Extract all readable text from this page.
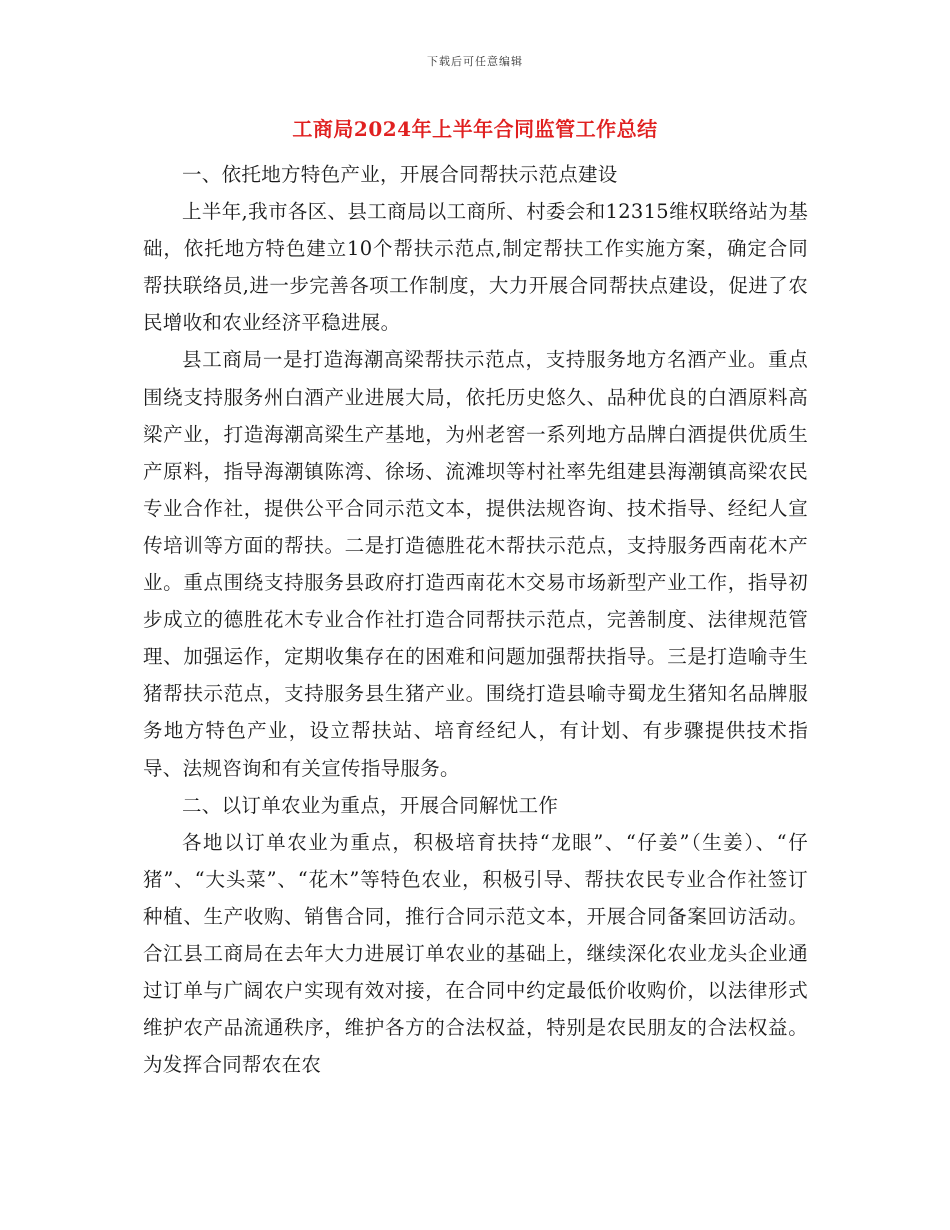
下载后可任意编辑
工商局2024年上半年合同监管工作总结

一、依托地方特色产业，开展合同帮扶示范点建设

上半年,我市各区、县工商局以工商所、村委会和12315维权联络站为基础，依托地方特色建立10个帮扶示范点,制定帮扶工作实施方案，确定合同帮扶联络员,进一步完善各项工作制度，大力开展合同帮扶点建设，促进了农民增收和农业经济平稳进展。

县工商局一是打造海潮高梁帮扶示范点，支持服务地方名酒产业。重点围绕支持服务州白酒产业进展大局，依托历史悠久、品种优良的白酒原料高梁产业，打造海潮高梁生产基地，为州老窖一系列地方品牌白酒提供优质生产原料，指导海潮镇陈湾、徐场、流滩坝等村社率先组建县海潮镇高梁农民专业合作社，提供公平合同示范文本，提供法规咨询、技术指导、经纪人宣传培训等方面的帮扶。二是打造德胜花木帮扶示范点，支持服务西南花木产业。重点围绕支持服务县政府打造西南花木交易市场新型产业工作，指导初步成立的德胜花木专业合作社打造合同帮扶示范点，完善制度、法律规范管理、加强运作，定期收集存在的困难和问题加强帮扶指导。三是打造喻寺生猪帮扶示范点，支持服务县生猪产业。围绕打造县喻寺蜀龙生猪知名品牌服务地方特色产业，设立帮扶站、培育经纪人，有计划、有步骤提供技术指导、法规咨询和有关宣传指导服务。

二、以订单农业为重点，开展合同解忧工作

各地以订单农业为重点，积极培育扶持“龙眼”、“仔姜”（生姜）、“仔猪”、“大头菜”、“花木”等特色农业，积极引导、帮扶农民专业合作社签订种植、生产收购、销售合同，推行合同示范文本，开展合同备案回访活动。合江县工商局在去年大力进展订单农业的基础上，继续深化农业龙头企业通过订单与广阔农户实现有效对接，在合同中约定最低价收购价，以法律形式维护农产品流通秩序，维护各方的合法权益，特别是农民朋友的合法权益。为发挥合同帮农在农
